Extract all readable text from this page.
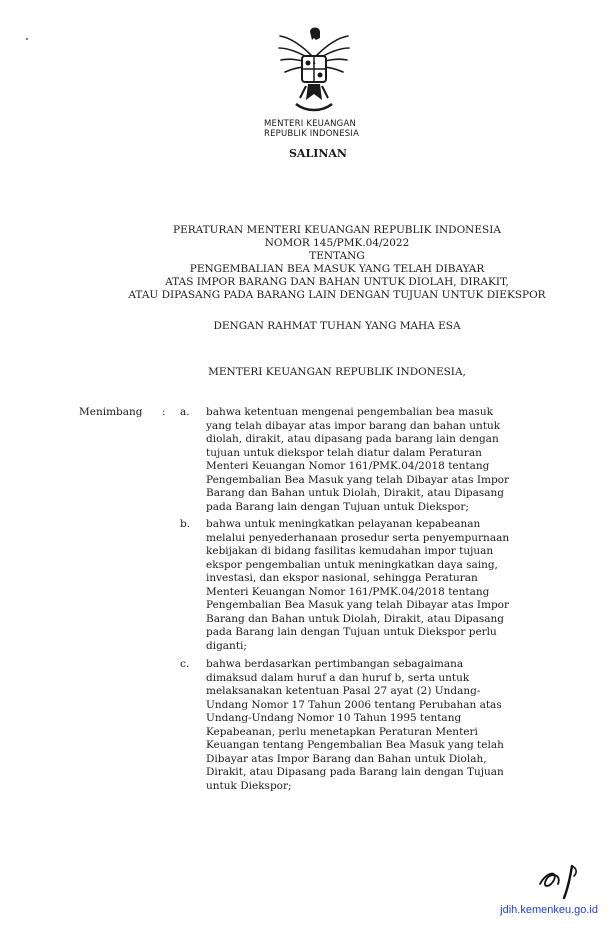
MENTERI KEUANGAN
REPUBLIK INDONESIA
SALINAN
PERATURAN MENTERI KEUANGAN REPUBLIK INDONESIA
NOMOR 145/PMK.04/2022
TENTANG
PENGEMBALIAN BEA MASUK YANG TELAH DIBAYAR
ATAS IMPOR BARANG DAN BAHAN UNTUK DIOLAH, DIRAKIT,
ATAU DIPASANG PADA BARANG LAIN DENGAN TUJUAN UNTUK DIEKSPOR
DENGAN RAHMAT TUHAN YANG MAHA ESA
MENTERI KEUANGAN REPUBLIK INDONESIA,
Menimbang : a. bahwa ketentuan mengenai pengembalian bea masuk
yang telah dibayar atas impor barang dan bahan untuk
diolah, dirakit, atau dipasang pada barang lain dengan
tujuan untuk diekspor telah diatur dalam Peraturan
Menteri Keuangan Nomor 161/PMK.04/2018 tentang
Pengembalian Bea Masuk yang telah Dibayar atas Impor
Barang dan Bahan untuk Diolah, Dirakit, atau Dipasang
pada Barang lain dengan Tujuan untuk Diekspor;
b. bahwa untuk meningkatkan pelayanan kepabeanan
melalui penyederhanaan prosedur serta penyempurnaan
kebijakan di bidang fasilitas kemudahan impor tujuan
ekspor pengembalian untuk meningkatkan daya saing,
investasi, dan ekspor nasional, sehingga Peraturan
Menteri Keuangan Nomor 161/PMK.04/2018 tentang
Pengembalian Bea Masuk yang telah Dibayar atas Impor
Barang dan Bahan untuk Diolah, Dirakit, atau Dipasang
pada Barang lain dengan Tujuan untuk Diekspor perlu
diganti;
c. bahwa berdasarkan pertimbangan sebagaimana
dimaksud dalam huruf a dan huruf b, serta untuk
melaksanakan ketentuan Pasal 27 ayat (2) Undang-
Undang Nomor 17 Tahun 2006 tentang Perubahan atas
Undang-Undang Nomor 10 Tahun 1995 tentang
Kepabeanan, perlu menetapkan Peraturan Menteri
Keuangan tentang Pengembalian Bea Masuk yang telah
Dibayar atas Impor Barang dan Bahan untuk Diolah,
Dirakit, atau Dipasang pada Barang lain dengan Tujuan
untuk Diekspor;
jdih.kemenkeu.go.id
